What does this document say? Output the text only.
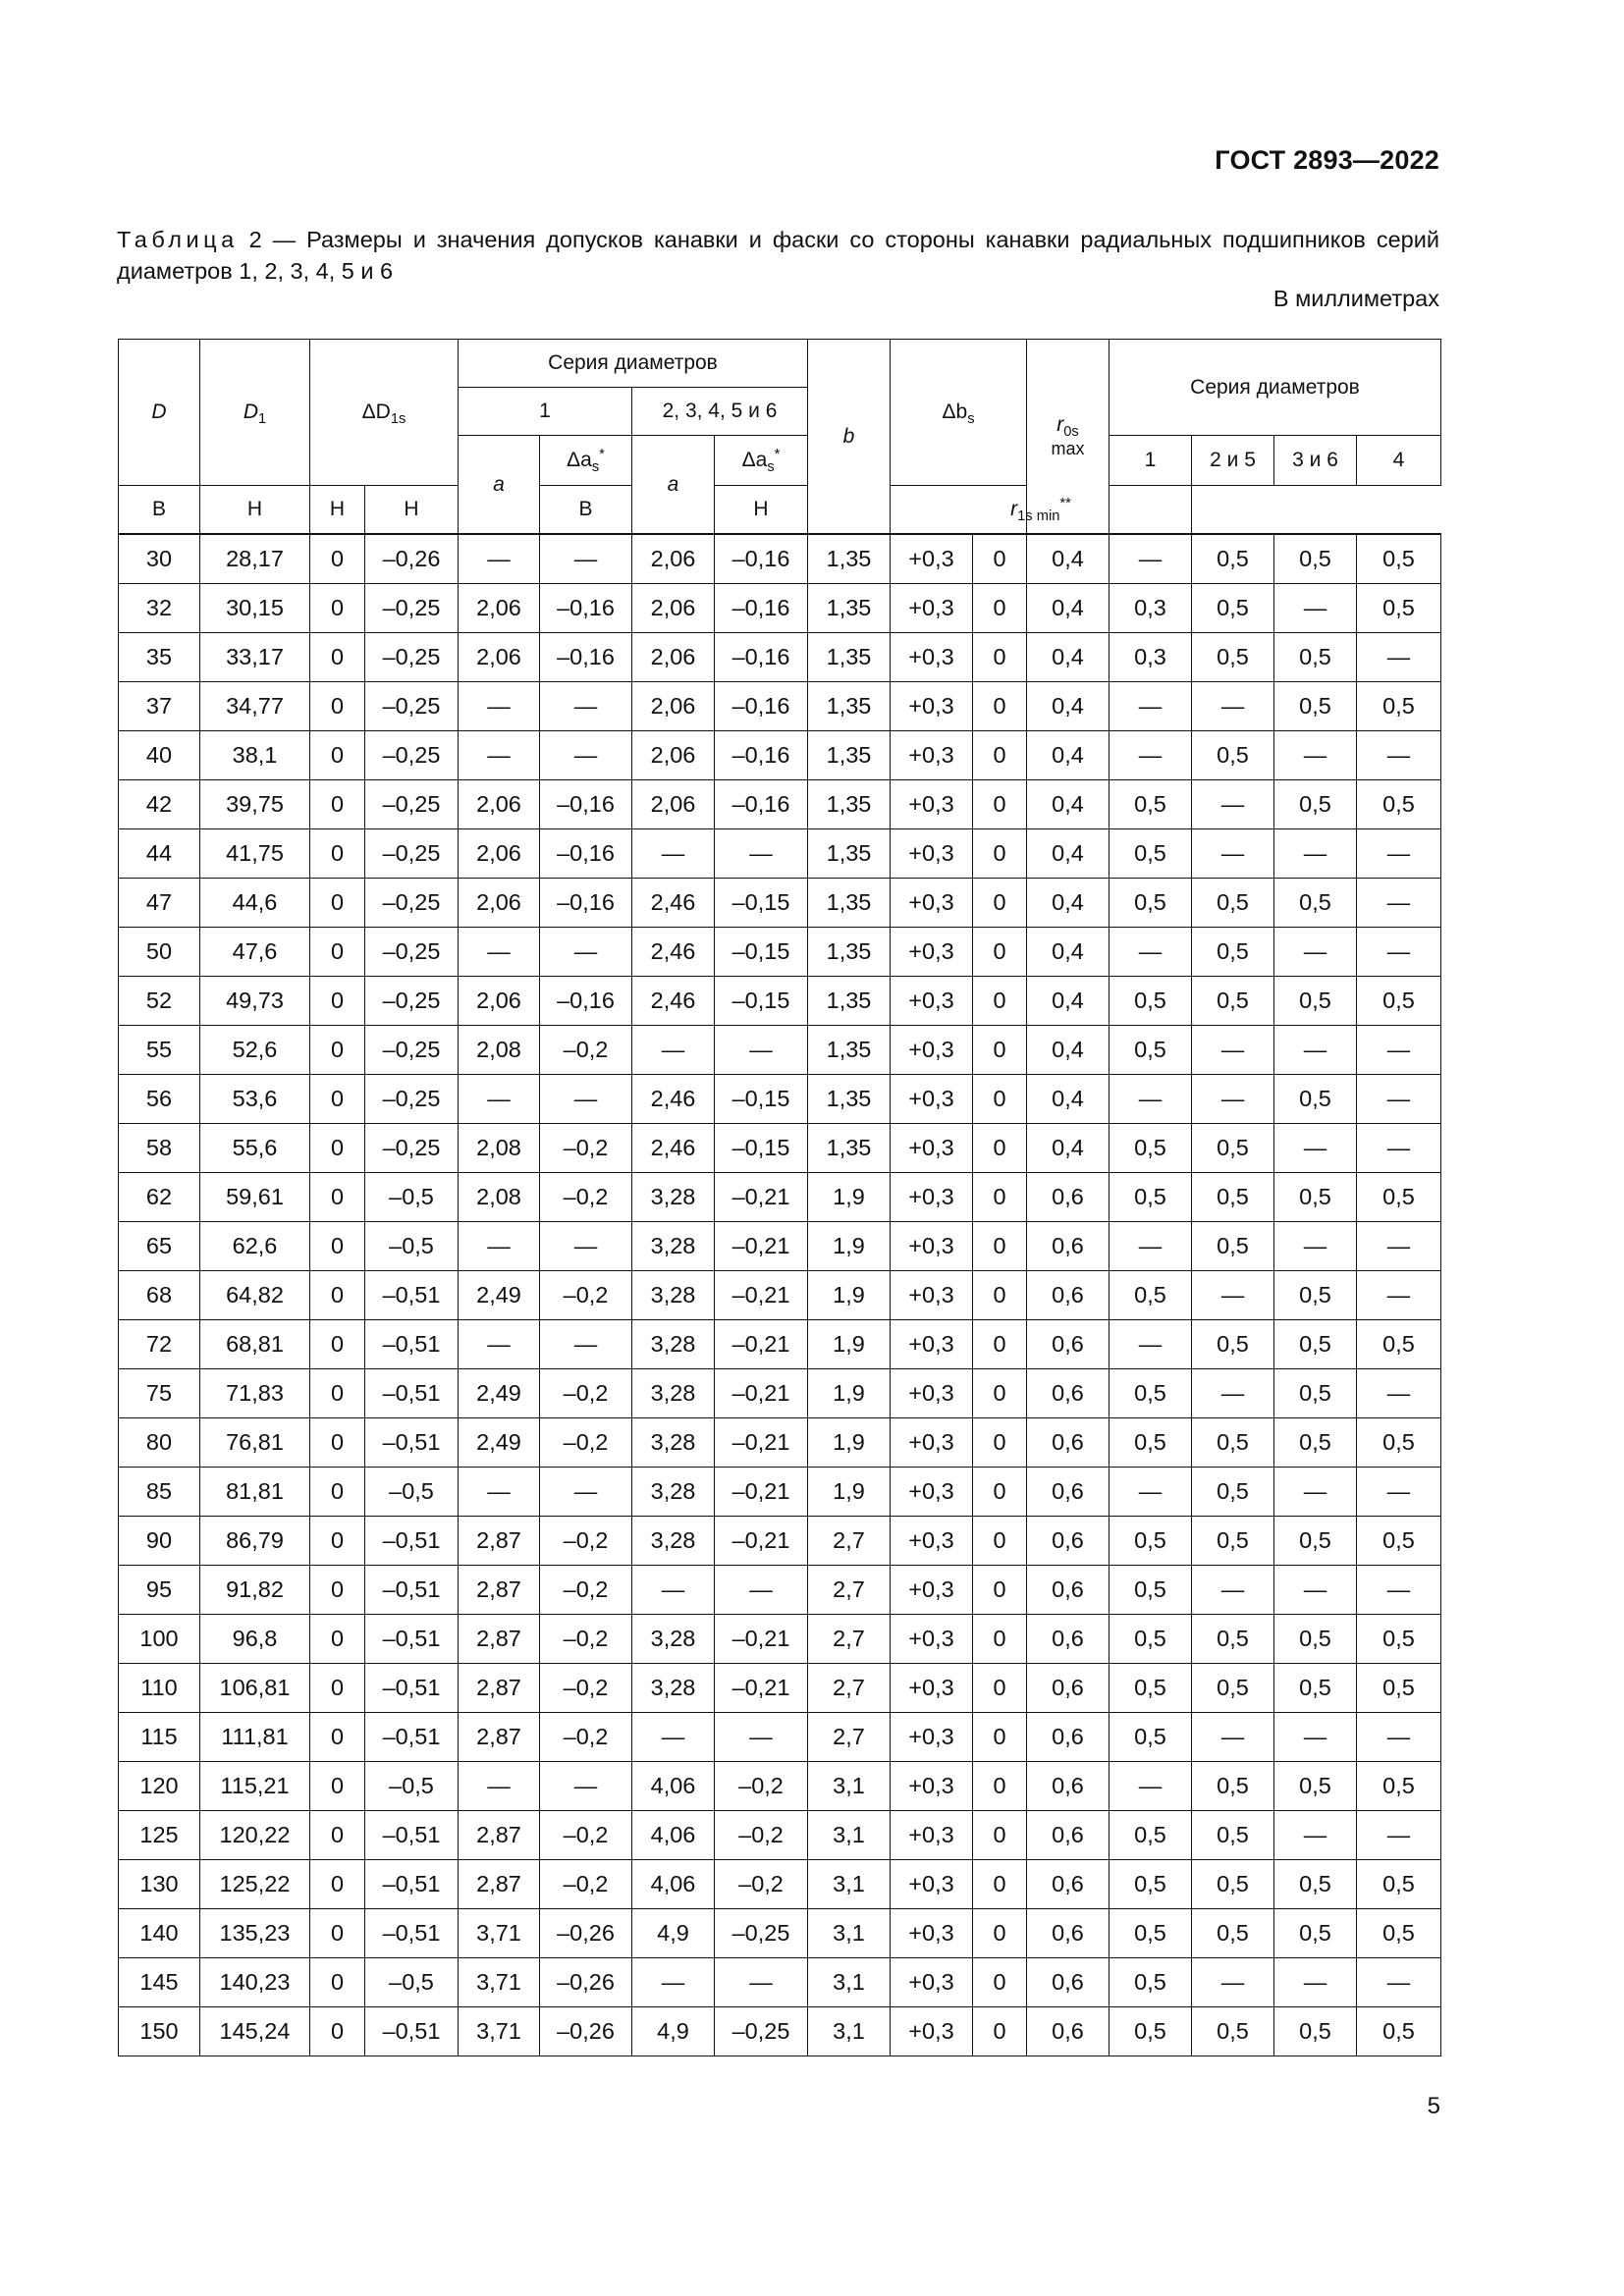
ГОСТ 2893—2022
Таблица 2 — Размеры и значения допусков канавки и фаски со стороны канавки радиальных подшипников серий диаметров 1, 2, 3, 4, 5 и 6
В миллиметрах
D	$D_1$	$\Delta D_{1s}$		Серия диаметров				b	$\Delta b_s$		$r_{0s}$
max	Серия диаметров			
				1		2, 3, 4, 5 и 6									
				a	$\Delta a_s^*$	a	$\Delta a_s^*$					1	2 и 5	3 и 6	4
В	Н	Н	Н		В		Н		$r_{1s min}^{**}$
30	28,17	0	–0,26	—	—	2,06	–0,16	1,35	+0,3	0	0,4	—	0,5	0,5	0,5
32	30,15	0	–0,25	2,06	–0,16	2,06	–0,16	1,35	+0,3	0	0,4	0,3	0,5	—	0,5
35	33,17	0	–0,25	2,06	–0,16	2,06	–0,16	1,35	+0,3	0	0,4	0,3	0,5	0,5	—
37	34,77	0	–0,25	—	—	2,06	–0,16	1,35	+0,3	0	0,4	—	—	0,5	0,5
40	38,1	0	–0,25	—	—	2,06	–0,16	1,35	+0,3	0	0,4	—	0,5	—	—
42	39,75	0	–0,25	2,06	–0,16	2,06	–0,16	1,35	+0,3	0	0,4	0,5	—	0,5	0,5
44	41,75	0	–0,25	2,06	–0,16	—	—	1,35	+0,3	0	0,4	0,5	—	—	—
47	44,6	0	–0,25	2,06	–0,16	2,46	–0,15	1,35	+0,3	0	0,4	0,5	0,5	0,5	—
50	47,6	0	–0,25	—	—	2,46	–0,15	1,35	+0,3	0	0,4	—	0,5	—	—
52	49,73	0	–0,25	2,06	–0,16	2,46	–0,15	1,35	+0,3	0	0,4	0,5	0,5	0,5	0,5
55	52,6	0	–0,25	2,08	–0,2	—	—	1,35	+0,3	0	0,4	0,5	—	—	—
56	53,6	0	–0,25	—	—	2,46	–0,15	1,35	+0,3	0	0,4	—	—	0,5	—
58	55,6	0	–0,25	2,08	–0,2	2,46	–0,15	1,35	+0,3	0	0,4	0,5	0,5	—	—
62	59,61	0	–0,5	2,08	–0,2	3,28	–0,21	1,9	+0,3	0	0,6	0,5	0,5	0,5	0,5
65	62,6	0	–0,5	—	—	3,28	–0,21	1,9	+0,3	0	0,6	—	0,5	—	—
68	64,82	0	–0,51	2,49	–0,2	3,28	–0,21	1,9	+0,3	0	0,6	0,5	—	0,5	—
72	68,81	0	–0,51	—	—	3,28	–0,21	1,9	+0,3	0	0,6	—	0,5	0,5	0,5
75	71,83	0	–0,51	2,49	–0,2	3,28	–0,21	1,9	+0,3	0	0,6	0,5	—	0,5	—
80	76,81	0	–0,51	2,49	–0,2	3,28	–0,21	1,9	+0,3	0	0,6	0,5	0,5	0,5	0,5
85	81,81	0	–0,5	—	—	3,28	–0,21	1,9	+0,3	0	0,6	—	0,5	—	—
90	86,79	0	–0,51	2,87	–0,2	3,28	–0,21	2,7	+0,3	0	0,6	0,5	0,5	0,5	0,5
95	91,82	0	–0,51	2,87	–0,2	—	—	2,7	+0,3	0	0,6	0,5	—	—	—
100	96,8	0	–0,51	2,87	–0,2	3,28	–0,21	2,7	+0,3	0	0,6	0,5	0,5	0,5	0,5
110	106,81	0	–0,51	2,87	–0,2	3,28	–0,21	2,7	+0,3	0	0,6	0,5	0,5	0,5	0,5
115	111,81	0	–0,51	2,87	–0,2	—	—	2,7	+0,3	0	0,6	0,5	—	—	—
120	115,21	0	–0,5	—	—	4,06	–0,2	3,1	+0,3	0	0,6	—	0,5	0,5	0,5
125	120,22	0	–0,51	2,87	–0,2	4,06	–0,2	3,1	+0,3	0	0,6	0,5	0,5	—	—
130	125,22	0	–0,51	2,87	–0,2	4,06	–0,2	3,1	+0,3	0	0,6	0,5	0,5	0,5	0,5
140	135,23	0	–0,51	3,71	–0,26	4,9	–0,25	3,1	+0,3	0	0,6	0,5	0,5	0,5	0,5
145	140,23	0	–0,5	3,71	–0,26	—	—	3,1	+0,3	0	0,6	0,5	—	—	—
150	145,24	0	–0,51	3,71	–0,26	4,9	–0,25	3,1	+0,3	0	0,6	0,5	0,5	0,5	0,5
5
